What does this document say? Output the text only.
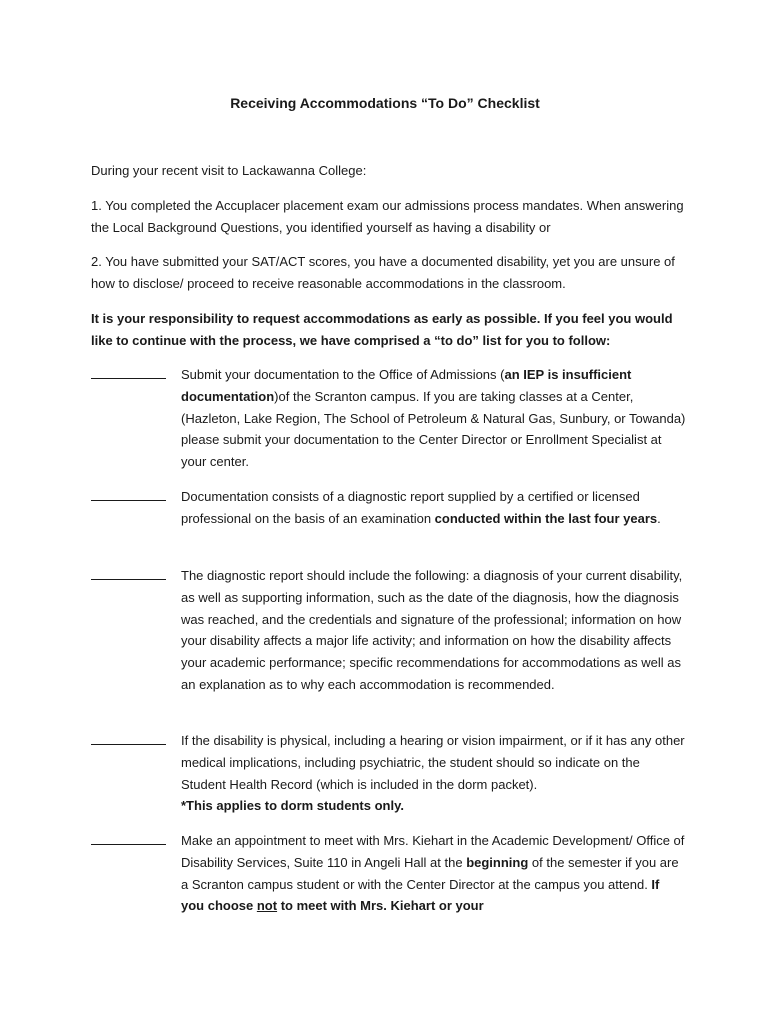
Receiving Accommodations “To Do” Checklist
During your recent visit to Lackawanna College:
1. You completed the Accuplacer placement exam our admissions process mandates. When answering the Local Background Questions, you identified yourself as having a disability or
2. You have submitted your SAT/ACT scores, you have a documented disability, yet you are unsure of how to disclose/ proceed to receive reasonable accommodations in the classroom.
It is your responsibility to request accommodations as early as possible. If you feel you would like to continue with the process, we have comprised a “to do” list for you to follow:
Submit your documentation to the Office of Admissions (an IEP is insufficient documentation)of the Scranton campus. If you are taking classes at a Center, (Hazleton, Lake Region, The School of Petroleum & Natural Gas, Sunbury, or Towanda) please submit your documentation to the Center Director or Enrollment Specialist at your center.
Documentation consists of a diagnostic report supplied by a certified or licensed professional on the basis of an examination conducted within the last four years.
The diagnostic report should include the following: a diagnosis of your current disability, as well as supporting information, such as the date of the diagnosis, how the diagnosis was reached, and the credentials and signature of the professional; information on how your disability affects a major life activity; and information on how the disability affects your academic performance; specific recommendations for accommodations as well as an explanation as to why each accommodation is recommended.
If the disability is physical, including a hearing or vision impairment, or if it has any other medical implications, including psychiatric, the student should so indicate on the Student Health Record (which is included in the dorm packet).
*This applies to dorm students only.
Make an appointment to meet with Mrs. Kiehart in the Academic Development/ Office of Disability Services, Suite 110 in Angeli Hall at the beginning of the semester if you are a Scranton campus student or with the Center Director at the campus you attend. If you choose not to meet with Mrs. Kiehart or your
